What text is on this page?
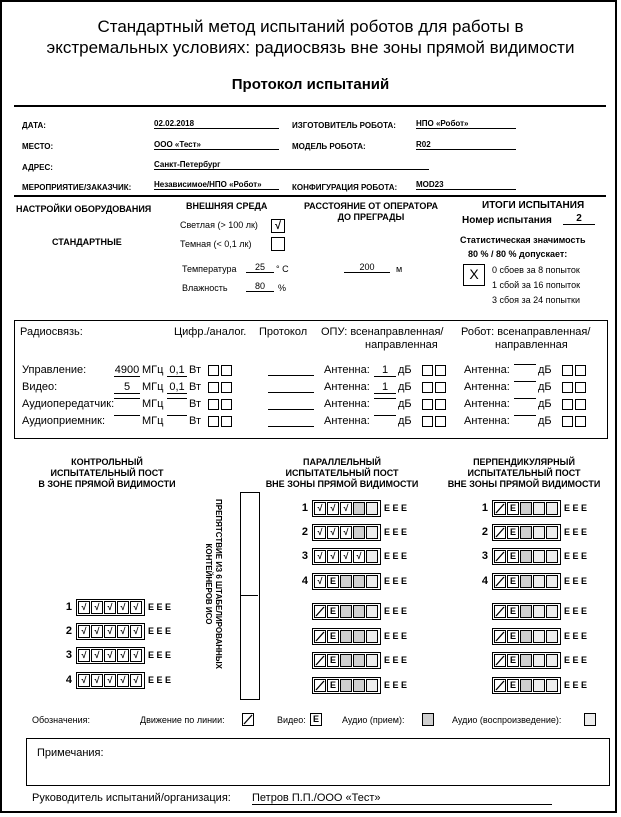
Стандартный метод испытаний роботов для работы в
экстремальных условиях: радиосвязь вне зоны прямой видимости
Протокол испытаний
ДАТА:	02.02.2018
МЕСТО:	ООО «Тест»
АДРЕС:	Санкт-Петербург
МЕРОПРИЯТИЕ/ЗАКАЗЧИК:	Независимое/НПО «Робот»
ИЗГОТОВИТЕЛЬ РОБОТА:	НПО «Робот»
МОДЕЛЬ РОБОТА:	R02
КОНФИГУРАЦИЯ РОБОТА: MOD23
НАСТРОЙКИ ОБОРУДОВАНИЯ
СТАНДАРТНЫЕ
ВНЕШНЯЯ СРЕДА
Светлая (> 100 лк)	√
Темная (< 0,1 лк)
Температура	25	° C
Влажность	80	%
РАССТОЯНИЕ ОТ ОПЕРАТОРА
ДО ПРЕГРАДЫ
200	м
ИТОГИ ИСПЫТАНИЯ
Номер испытания	2
Статистическая значимость
80 % / 80 % допускает:
X	0 сбоев за 8 попыток
1 сбой за 16 попыток
3 сбоя за 24 попытки
Радиосвязь:	Цифр./аналог. Протокол ОПУ: всенаправленная/
направленная
Робот: всенаправленная/
направленная
Управление:	4900 МГц 0,1 Вт	Антенна:	1 дБ	Антенна:	дБ
Видео:	5	МГц 0,1 Вт	Антенна:	1 дБ	Антенна:	дБ
Аудиопередатчик:	МГц Вт	Антенна:	дБ	Антенна:	дБ
Аудиоприемник:	МГц Вт	Антенна:	дБ	Антенна:	дБ
КОНТРОЛЬНЫЙ
ИСПЫТАТЕЛЬНЫЙ ПОСТ
В ЗОНЕ ПРЯМОЙ ВИДИМОСТИ
ПАРАЛЛЕЛЬНЫЙ
ИСПЫТАТЕЛЬНЫЙ ПОСТ
ВНЕ ЗОНЫ ПРЯМОЙ ВИДИМОСТИ
ПЕРПЕНДИКУЛЯРНЫЙ
ИСПЫТАТЕЛЬНЫЙ ПОСТ
ВНЕ ЗОНЫ ПРЯМОЙ ВИДИМОСТИ
ПРЕПЯТСТВИЕ ИЗ 6 ШТАБЕЛИРОВАННЫХ
КОНТЕЙНЕРОВ ИСО
1	√ √ √ √ √	E E E
2	√ √ √ √ √	E E E
3	√ √ √ √ √	E E E
4	√ √ √ √ √	E E E
1	√ √ √	E E E
2	√ √ √	E E E
3	√ √ √ √	E E E
4	√ E	E E E
E	E E E
E	E E E
E	E E E
E	E E E
1	E	E E E
2	E	E E E
3	E	E E E
4	E	E E E
E	E E E
E	E E E
E	E E E
E	E E E
Обозначения:	Движение по линии:	Видео: E	Аудио (прием):	Аудио (воспроизведение):
Примечания:
Руководитель испытаний/организация: Петров П.П./ООО «Тест»
